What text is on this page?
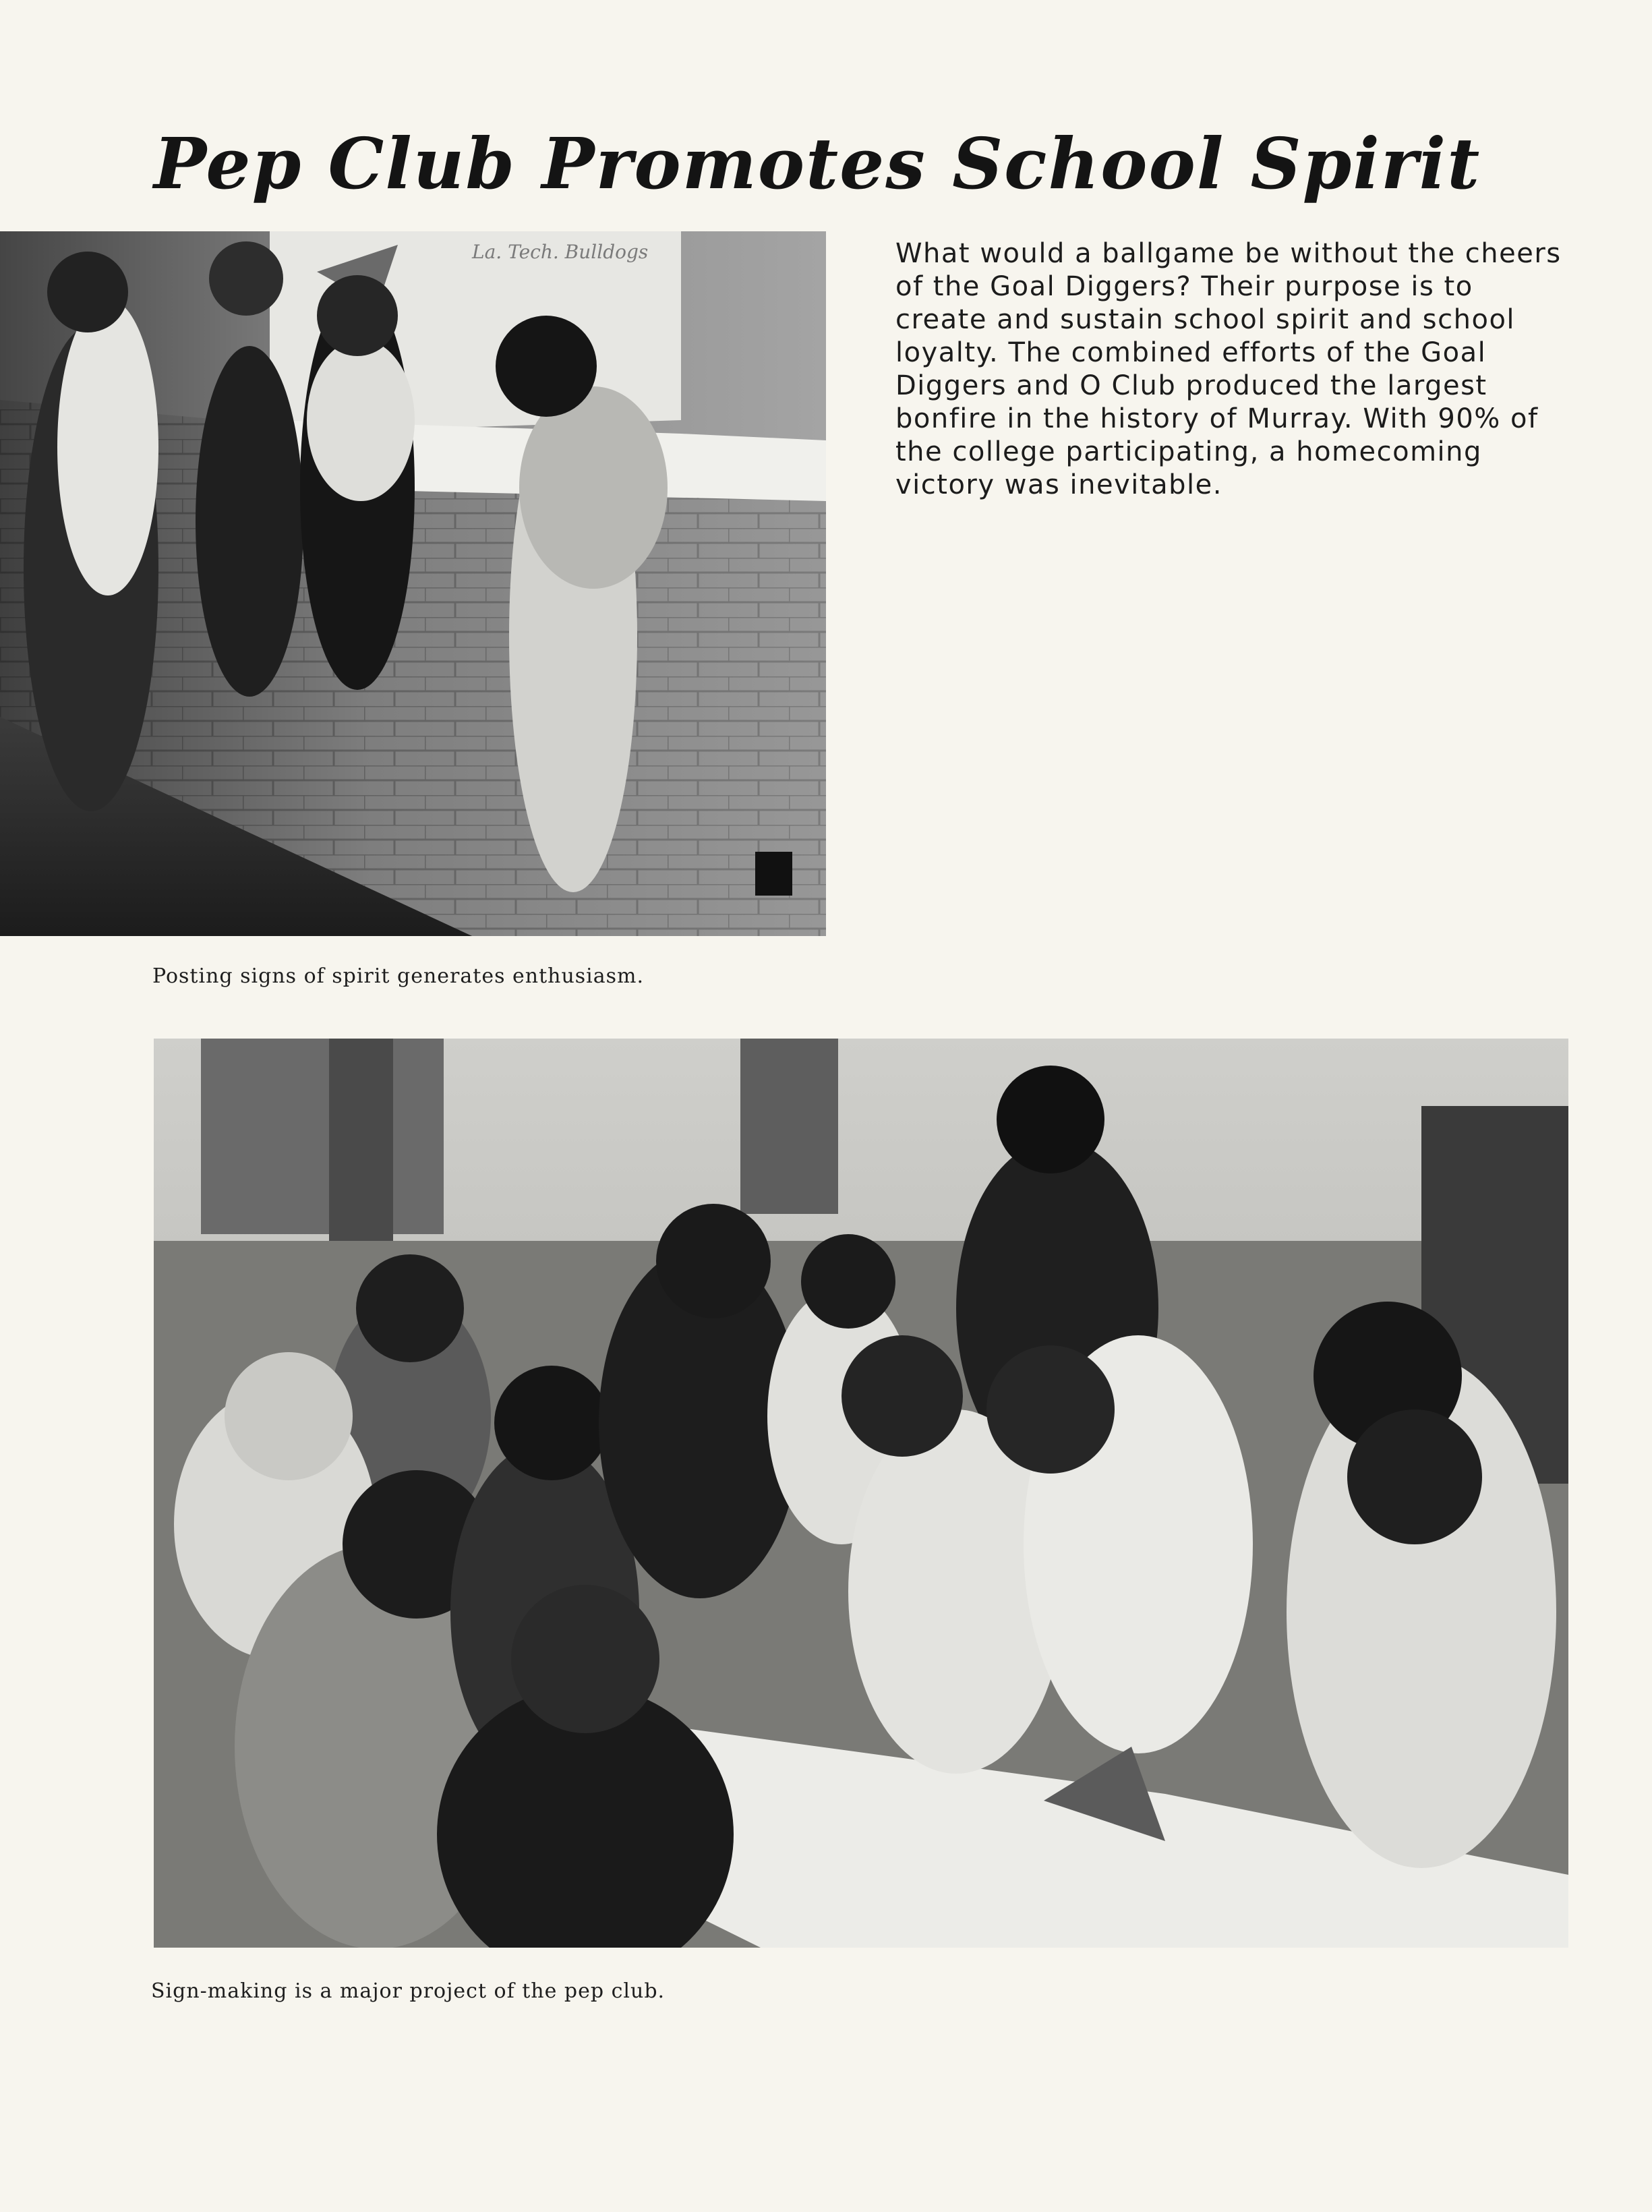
Pep Club Promotes School Spirit
La. Tech. Bulldogs	What would a ballgame be without the cheers of the Goal Diggers? Their purpose is to create and sustain school spirit and school loyalty. The combined efforts of the Goal Diggers and O Club produced the largest bonfire in the history of Murray. With 90% of the college participating, a homecoming victory was inevitable.

Posting signs of spirit generates enthusiasm.

Sign-making is a major project of the pep club.
